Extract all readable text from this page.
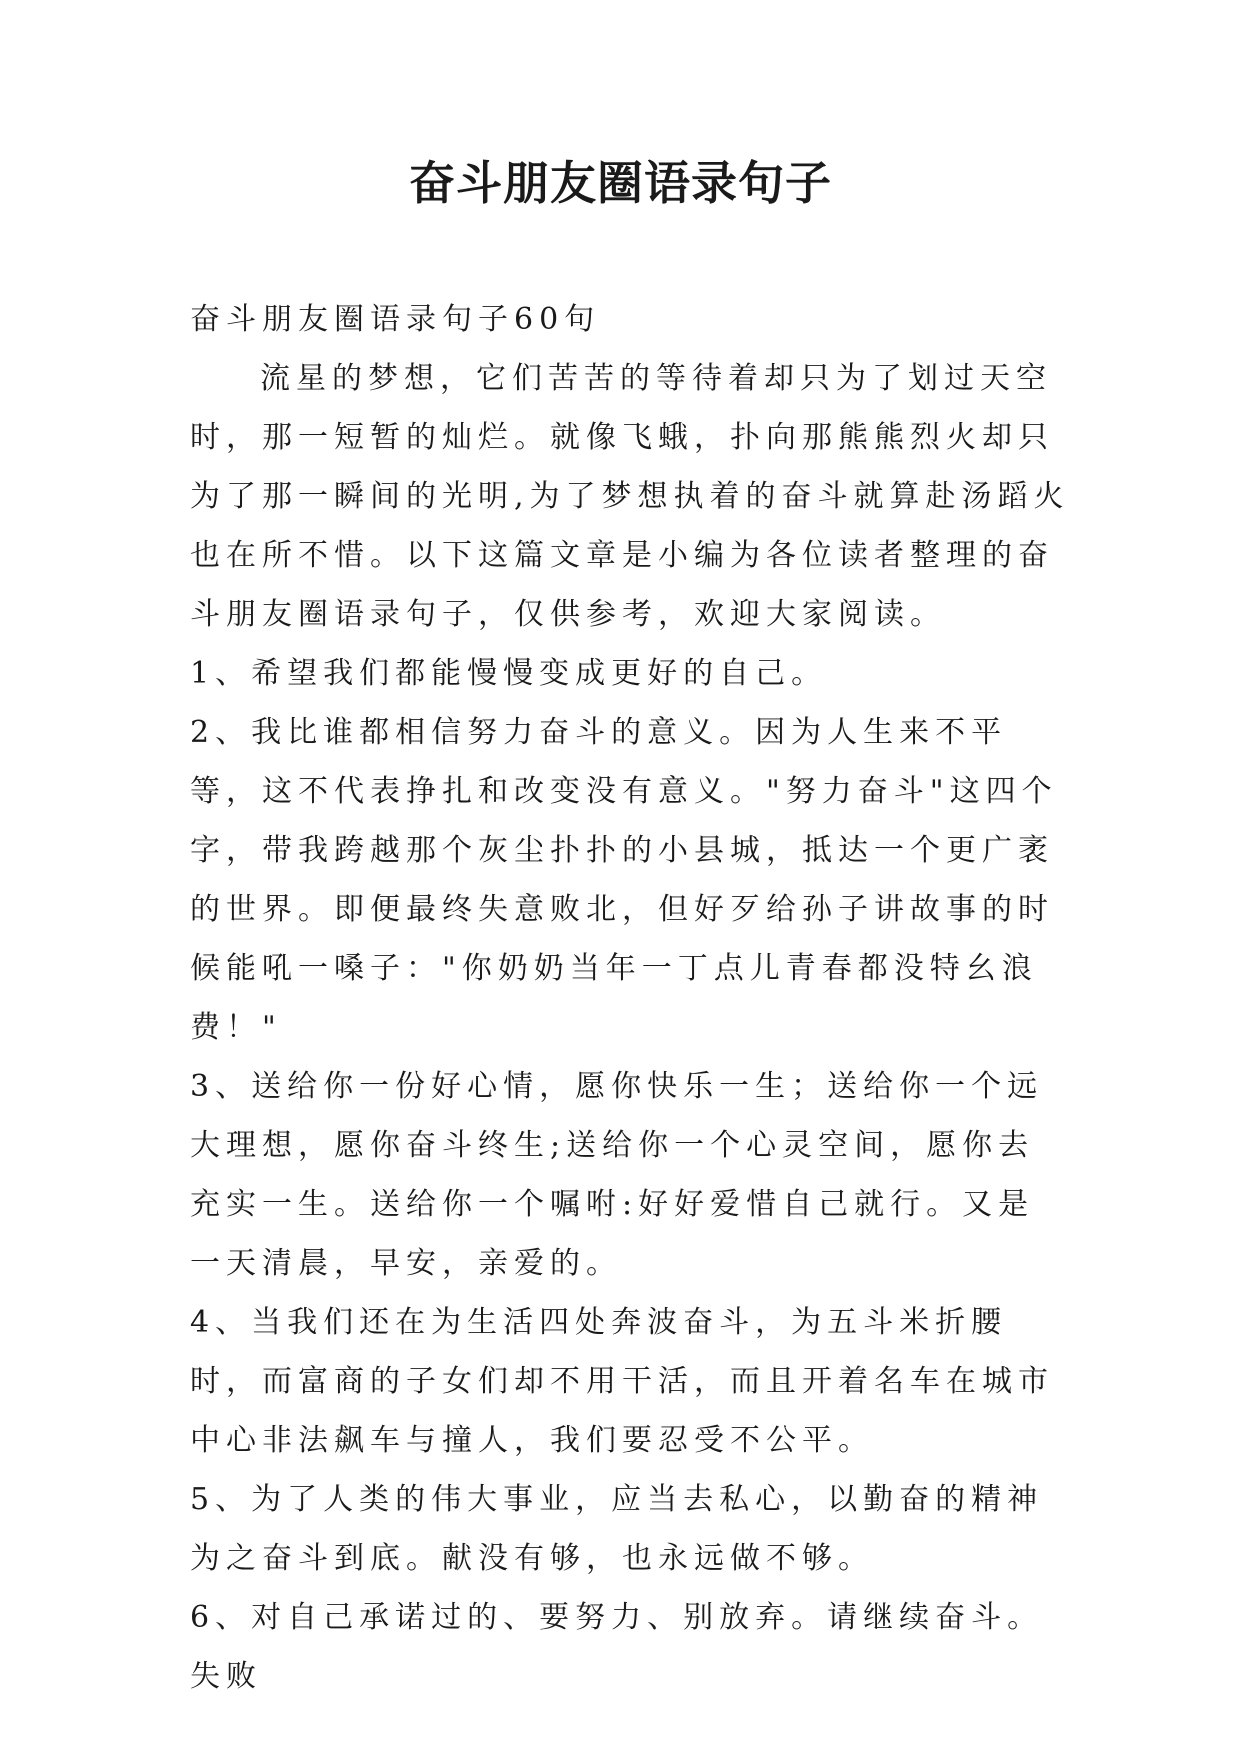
奋斗朋友圈语录句子

奋斗朋友圈语录句子60句

流星的梦想，它们苦苦的等待着却只为了划过天空时，那一短暂的灿烂。就像飞蛾，扑向那熊熊烈火却只为了那一瞬间的光明,为了梦想执着的奋斗就算赴汤蹈火也在所不惜。以下这篇文章是小编为各位读者整理的奋斗朋友圈语录句子，仅供参考，欢迎大家阅读。

1、希望我们都能慢慢变成更好的自己。

2、我比谁都相信努力奋斗的意义。因为人生来不平等，这不代表挣扎和改变没有意义。"努力奋斗"这四个字，带我跨越那个灰尘扑扑的小县城，抵达一个更广袤的世界。即便最终失意败北，但好歹给孙子讲故事的时候能吼一嗓子："你奶奶当年一丁点儿青春都没特幺浪费！"

3、送给你一份好心情，愿你快乐一生；送给你一个远大理想，愿你奋斗终生;送给你一个心灵空间，愿你去充实一生。送给你一个嘱咐:好好爱惜自己就行。又是一天清晨，早安，亲爱的。

4、当我们还在为生活四处奔波奋斗，为五斗米折腰时，而富商的子女们却不用干活，而且开着名车在城市中心非法飙车与撞人，我们要忍受不公平。

5、为了人类的伟大事业，应当去私心，以勤奋的精神为之奋斗到底。献没有够，也永远做不够。

6、对自己承诺过的、要努力、别放弃。请继续奋斗。失败
